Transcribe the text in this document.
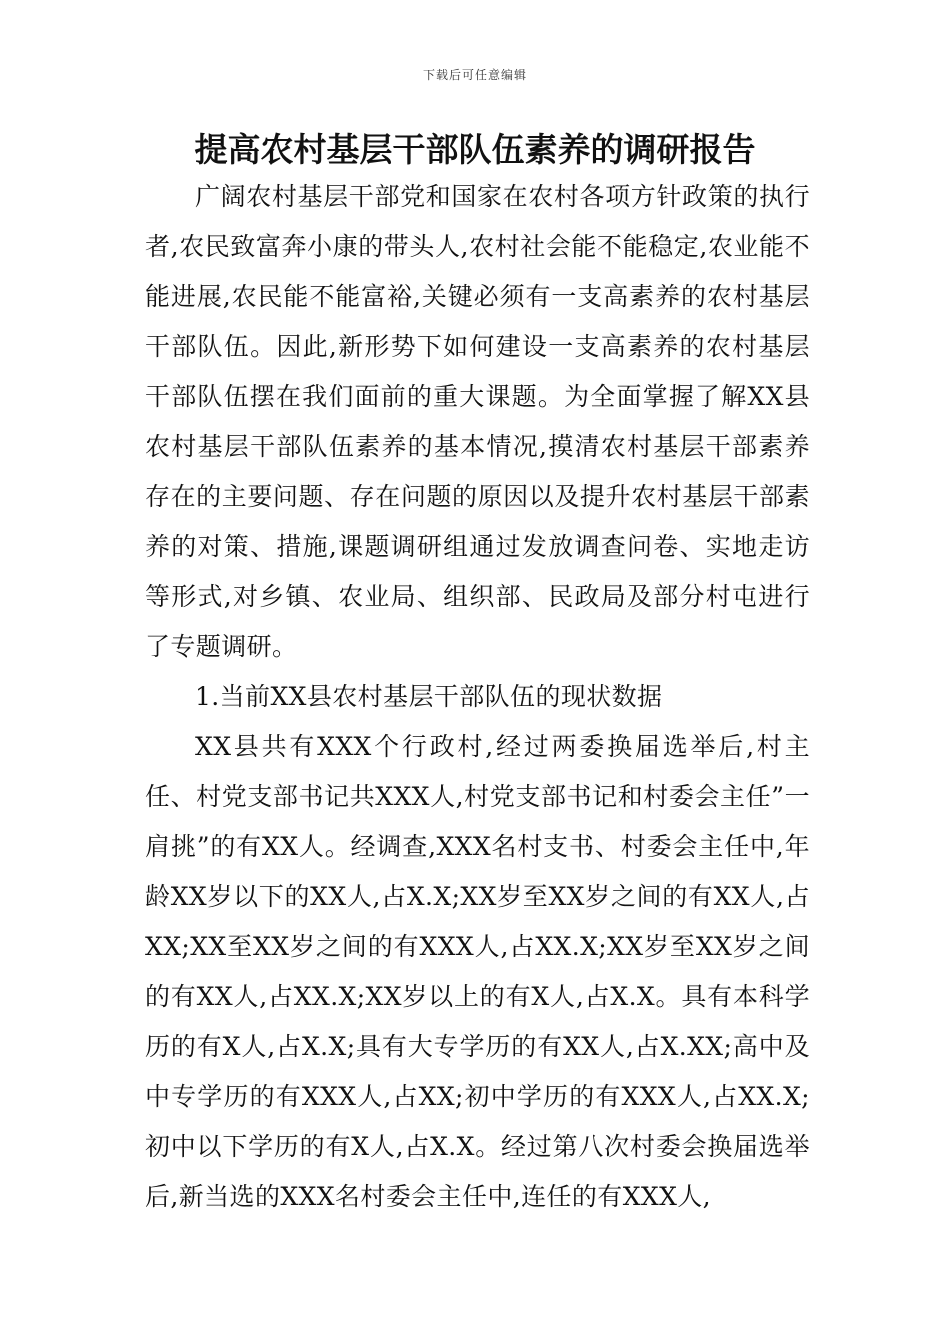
下载后可任意编辑
提高农村基层干部队伍素养的调研报告

广阔农村基层干部党和国家在农村各项方针政策的执行者,农民致富奔小康的带头人,农村社会能不能稳定,农业能不能进展,农民能不能富裕,关键必须有一支高素养的农村基层干部队伍。因此,新形势下如何建设一支高素养的农村基层干部队伍摆在我们面前的重大课题。为全面掌握了解XX县农村基层干部队伍素养的基本情况,摸清农村基层干部素养存在的主要问题、存在问题的原因以及提升农村基层干部素养的对策、措施,课题调研组通过发放调查问卷、实地走访等形式,对乡镇、农业局、组织部、民政局及部分村屯进行了专题调研。

1.当前XX县农村基层干部队伍的现状数据

XX县共有XXX个行政村,经过两委换届选举后,村主任、村党支部书记共XXX人,村党支部书记和村委会主任”一肩挑”的有XX人。经调查,XXX名村支书、村委会主任中,年龄XX岁以下的XX人,占X.X;XX岁至XX岁之间的有XX人,占XX;XX至XX岁之间的有XXX人,占XX.X;XX岁至XX岁之间的有XX人,占XX.X;XX岁以上的有X人,占X.X。具有本科学历的有X人,占X.X;具有大专学历的有XX人,占X.XX;高中及中专学历的有XXX人,占XX;初中学历的有XXX人,占XX.X;初中以下学历的有X人,占X.X。经过第八次村委会换届选举后,新当选的XXX名村委会主任中,连任的有XXX人,
